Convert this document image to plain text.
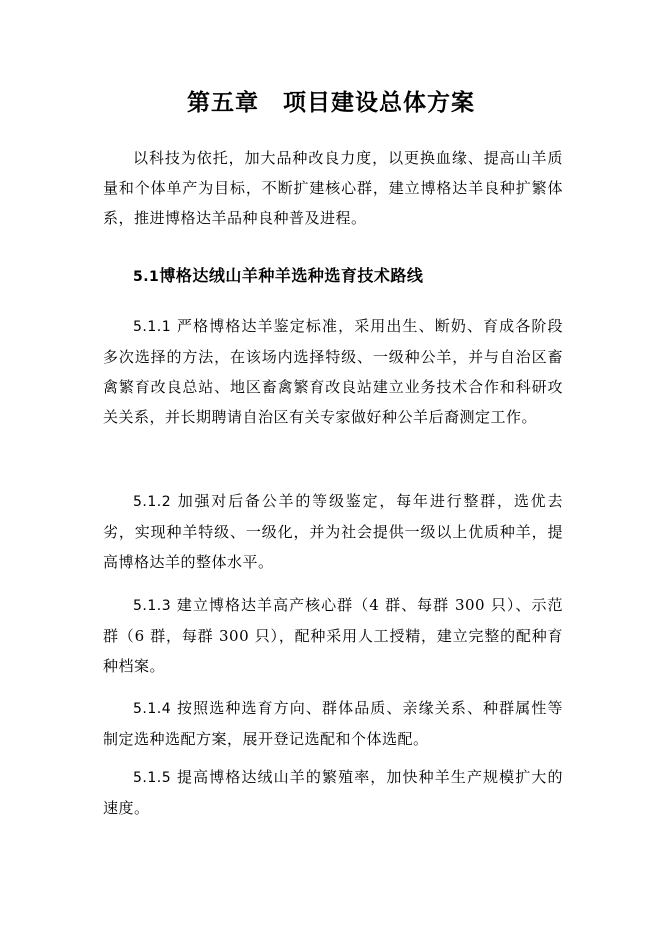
第五章 项目建设总体方案

以科技为依托，加大品种改良力度，以更换血缘、提高山羊质量和个体单产为目标，不断扩建核心群，建立博格达羊良种扩繁体系，推进博格达羊品种良种普及进程。

5.1博格达绒山羊种羊选种选育技术路线

5.1.1 严格博格达羊鉴定标准，采用出生、断奶、育成各阶段多次选择的方法，在该场内选择特级、一级种公羊，并与自治区畜禽繁育改良总站、地区畜禽繁育改良站建立业务技术合作和科研攻关关系，并长期聘请自治区有关专家做好种公羊后裔测定工作。

5.1.2 加强对后备公羊的等级鉴定，每年进行整群，选优去劣，实现种羊特级、一级化，并为社会提供一级以上优质种羊，提高博格达羊的整体水平。

5.1.3 建立博格达羊高产核心群（4 群、每群 300 只）、示范群（6 群，每群 300 只），配种采用人工授精，建立完整的配种育种档案。

5.1.4 按照选种选育方向、群体品质、亲缘关系、种群属性等制定选种选配方案，展开登记选配和个体选配。

5.1.5 提高博格达绒山羊的繁殖率，加快种羊生产规模扩大的速度。
